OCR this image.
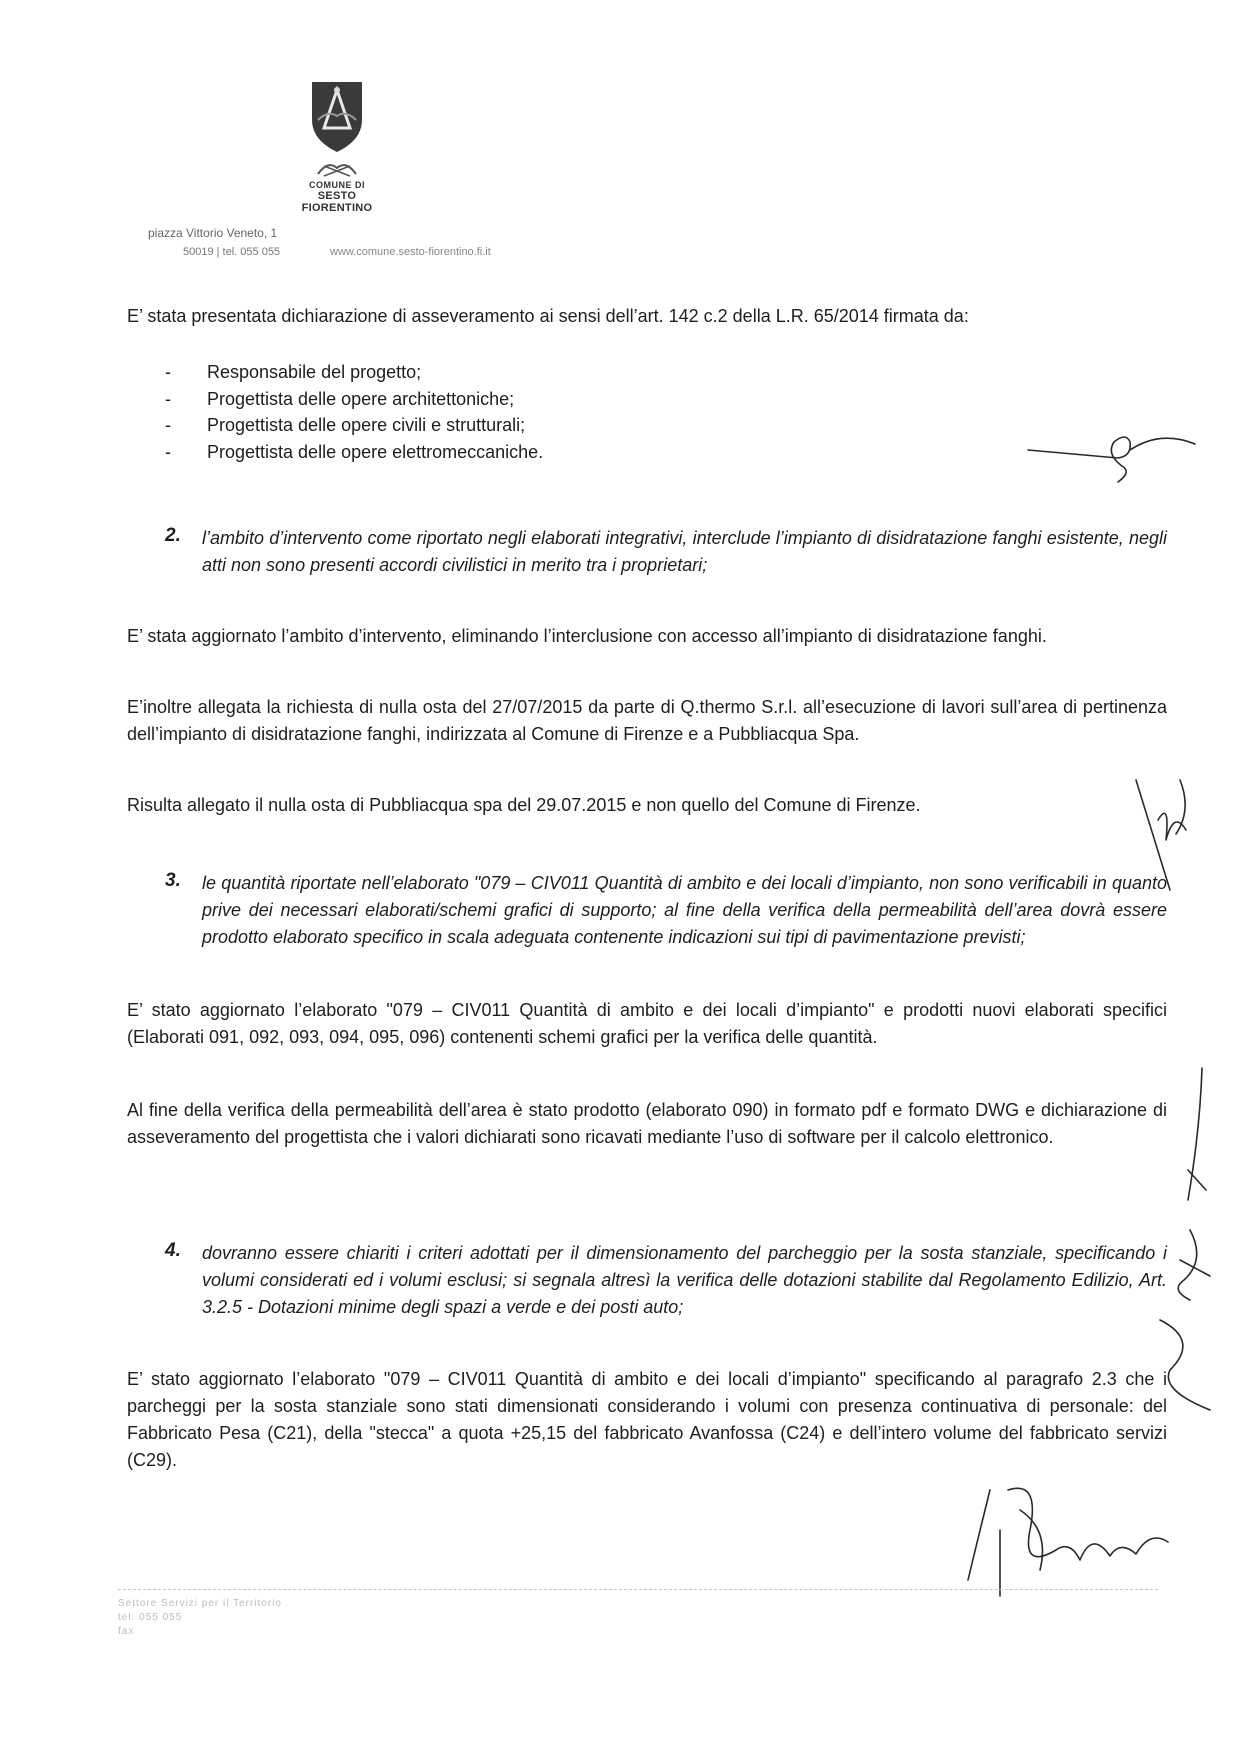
COMUNE DI
SESTO FIORENTINO
piazza Vittorio Veneto, 1
50019 | tel. 055 055	www.comune.sesto-fiorentino.fi.it
E’ stata presentata dichiarazione di asseveramento ai sensi dell’art. 142 c.2 della L.R. 65/2014 firmata da:
- Responsabile del progetto;
- Progettista delle opere architettoniche;
- Progettista delle opere civili e strutturali;
- Progettista delle opere elettromeccaniche.
2. l’ambito d’intervento come riportato negli elaborati integrativi, interclude l’impianto di disidratazione fanghi esistente, negli atti non sono presenti accordi civilistici in merito tra i proprietari;
E’ stata aggiornato l’ambito d’intervento, eliminando l’interclusione con accesso all’impianto di disidratazione fanghi.
E’inoltre allegata la richiesta di nulla osta del 27/07/2015 da parte di Q.thermo S.r.l. all’esecuzione di lavori sull’area di pertinenza dell’impianto di disidratazione fanghi, indirizzata al Comune di Firenze e a Pubbliacqua Spa.
Risulta allegato il nulla osta di Pubbliacqua spa del 29.07.2015 e non quello del Comune di Firenze.
3. le quantità riportate nell’elaborato "079 – CIV011 Quantità di ambito e dei locali d’impianto, non sono verificabili in quanto prive dei necessari elaborati/schemi grafici di supporto; al fine della verifica della permeabilità dell’area dovrà essere prodotto elaborato specifico in scala adeguata contenente indicazioni sui tipi di pavimentazione previsti;
E’ stato aggiornato l’elaborato "079 – CIV011 Quantità di ambito e dei locali d’impianto" e prodotti nuovi elaborati specifici (Elaborati 091, 092, 093, 094, 095, 096) contenenti schemi grafici per la verifica delle quantità.
Al fine della verifica della permeabilità dell’area è stato prodotto (elaborato 090) in formato pdf e formato DWG e dichiarazione di asseveramento del progettista che i valori dichiarati sono ricavati mediante l’uso di software per il calcolo elettronico.
4. dovranno essere chiariti i criteri adottati per il dimensionamento del parcheggio per la sosta stanziale, specificando i volumi considerati ed i volumi esclusi; si segnala altresì la verifica delle dotazioni stabilite dal Regolamento Edilizio, Art. 3.2.5 - Dotazioni minime degli spazi a verde e dei posti auto;
E’ stato aggiornato l’elaborato "079 – CIV011 Quantità di ambito e dei locali d’impianto" specificando al paragrafo 2.3 che i parcheggi per la sosta stanziale sono stati dimensionati considerando i volumi con presenza continuativa di personale: del Fabbricato Pesa (C21), della "stecca" a quota +25,15 del fabbricato Avanfossa (C24) e dell’intero volume del fabbricato servizi (C29).
Settore Servizi per il Territorio
tel. 055 055
fax
